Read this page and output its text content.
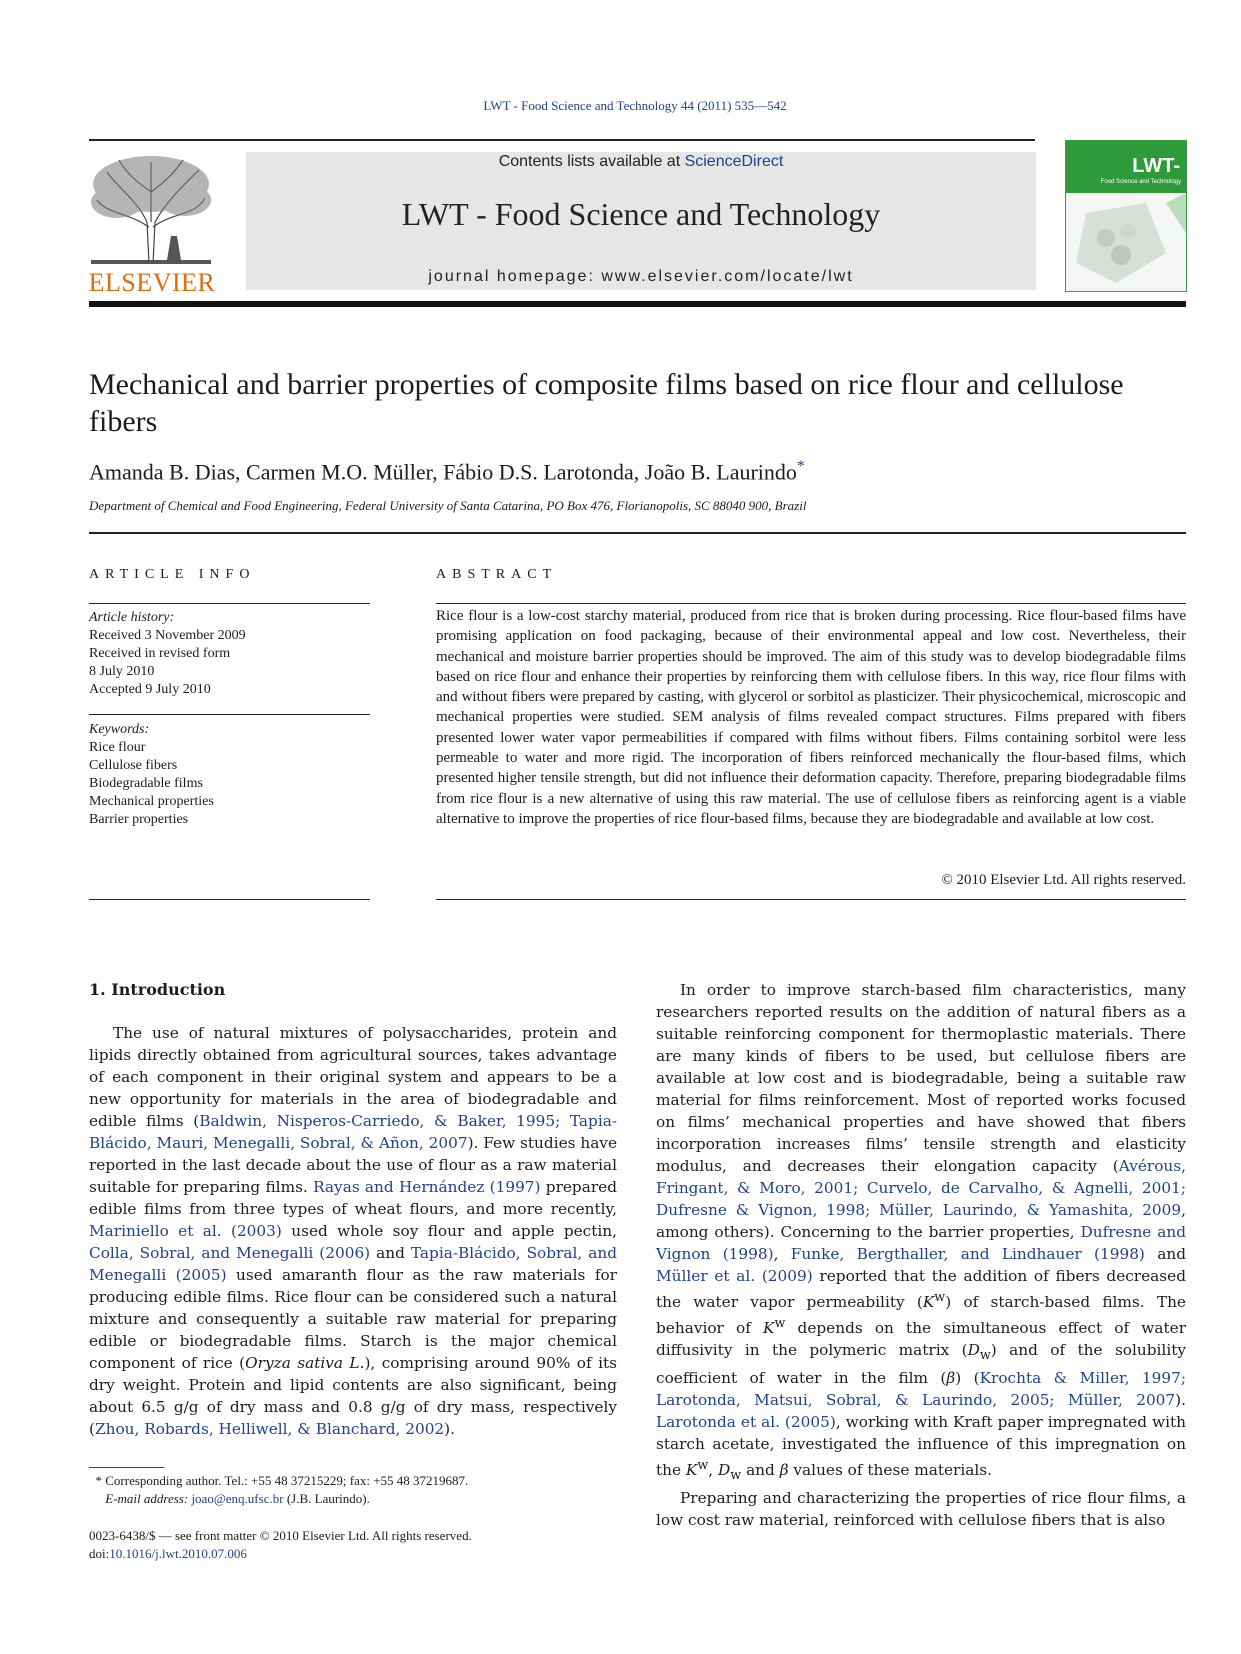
LWT - Food Science and Technology 44 (2011) 535—542
ELSEVIER
Contents lists available at ScienceDirect
LWT - Food Science and Technology
journal homepage: www.elsevier.com/locate/lwt
LWT-
Food Science and Technology
Mechanical and barrier properties of composite films based on rice flour and cellulose fibers
Amanda B. Dias, Carmen M.O. Müller, Fábio D.S. Larotonda, João B. Laurindo*
Department of Chemical and Food Engineering, Federal University of Santa Catarina, PO Box 476, Florianopolis, SC 88040 900, Brazil
ARTICLE INFO
Article history:
Received 3 November 2009
Received in revised form
8 July 2010
Accepted 9 July 2010
Keywords:
Rice flour
Cellulose fibers
Biodegradable films
Mechanical properties
Barrier properties
ABSTRACT

Rice flour is a low-cost starchy material, produced from rice that is broken during processing. Rice flour-based films have promising application on food packaging, because of their environmental appeal and low cost. Nevertheless, their mechanical and moisture barrier properties should be improved. The aim of this study was to develop biodegradable films based on rice flour and enhance their properties by reinforcing them with cellulose fibers. In this way, rice flour films with and without fibers were prepared by casting, with glycerol or sorbitol as plasticizer. Their physicochemical, microscopic and mechanical properties were studied. SEM analysis of films revealed compact structures. Films prepared with fibers presented lower water vapor permeabilities if compared with films without fibers. Films containing sorbitol were less permeable to water and more rigid. The incorporation of fibers reinforced mechanically the flour-based films, which presented higher tensile strength, but did not influence their deformation capacity. Therefore, preparing biodegradable films from rice flour is a new alternative of using this raw material. The use of cellulose fibers as reinforcing agent is a viable alternative to improve the properties of rice flour-based films, because they are biodegradable and available at low cost.

© 2010 Elsevier Ltd. All rights reserved.
1. Introduction

The use of natural mixtures of polysaccharides, protein and lipids directly obtained from agricultural sources, takes advantage of each component in their original system and appears to be a new opportunity for materials in the area of biodegradable and edible films (Baldwin, Nisperos-Carriedo, & Baker, 1995; Tapia-Blácido, Mauri, Menegalli, Sobral, & Añon, 2007). Few studies have reported in the last decade about the use of flour as a raw material suitable for preparing films. Rayas and Hernández (1997) prepared edible films from three types of wheat flours, and more recently, Mariniello et al. (2003) used whole soy flour and apple pectin, Colla, Sobral, and Menegalli (2006) and Tapia-Blácido, Sobral, and Menegalli (2005) used amaranth flour as the raw materials for producing edible films. Rice flour can be considered such a natural mixture and consequently a suitable raw material for preparing edible or biodegradable films. Starch is the major chemical component of rice (Oryza sativa L.), comprising around 90% of its dry weight. Protein and lipid contents are also significant, being about 6.5 g/g of dry mass and 0.8 g/g of dry mass, respectively (Zhou, Robards, Helliwell, & Blanchard, 2002).

In order to improve starch-based film characteristics, many researchers reported results on the addition of natural fibers as a suitable reinforcing component for thermoplastic materials. There are many kinds of fibers to be used, but cellulose fibers are available at low cost and is biodegradable, being a suitable raw material for films reinforcement. Most of reported works focused on films’ mechanical properties and have showed that fibers incorporation increases films’ tensile strength and elasticity modulus, and decreases their elongation capacity (Avérous, Fringant, & Moro, 2001; Curvelo, de Carvalho, & Agnelli, 2001; Dufresne & Vignon, 1998; Müller, Laurindo, & Yamashita, 2009, among others). Concerning to the barrier properties, Dufresne and Vignon (1998), Funke, Bergthaller, and Lindhauer (1998) and Müller et al. (2009) reported that the addition of fibers decreased the water vapor permeability $(K^w)$ of starch-based films. The behavior of $K^w$ depends on the simultaneous effect of water diffusivity in the polymeric matrix $(D_w)$ and of the solubility coefficient of water in the film (β) (Krochta & Miller, 1997; Larotonda, Matsui, Sobral, & Laurindo, 2005; Müller, 2007). Larotonda et al. (2005), working with Kraft paper impregnated with starch acetate, investigated the influence of this impregnation on the $K^w$, $D_w$ and β values of these materials.

Preparing and characterizing the properties of rice flour films, a low cost raw material, reinforced with cellulose fibers that is also

* Corresponding author. Tel.: +55 48 37215229; fax: +55 48 37219687.
E-mail address: joao@enq.ufsc.br (J.B. Laurindo).
0023-6438/$ — see front matter © 2010 Elsevier Ltd. All rights reserved.
doi:10.1016/j.lwt.2010.07.006
